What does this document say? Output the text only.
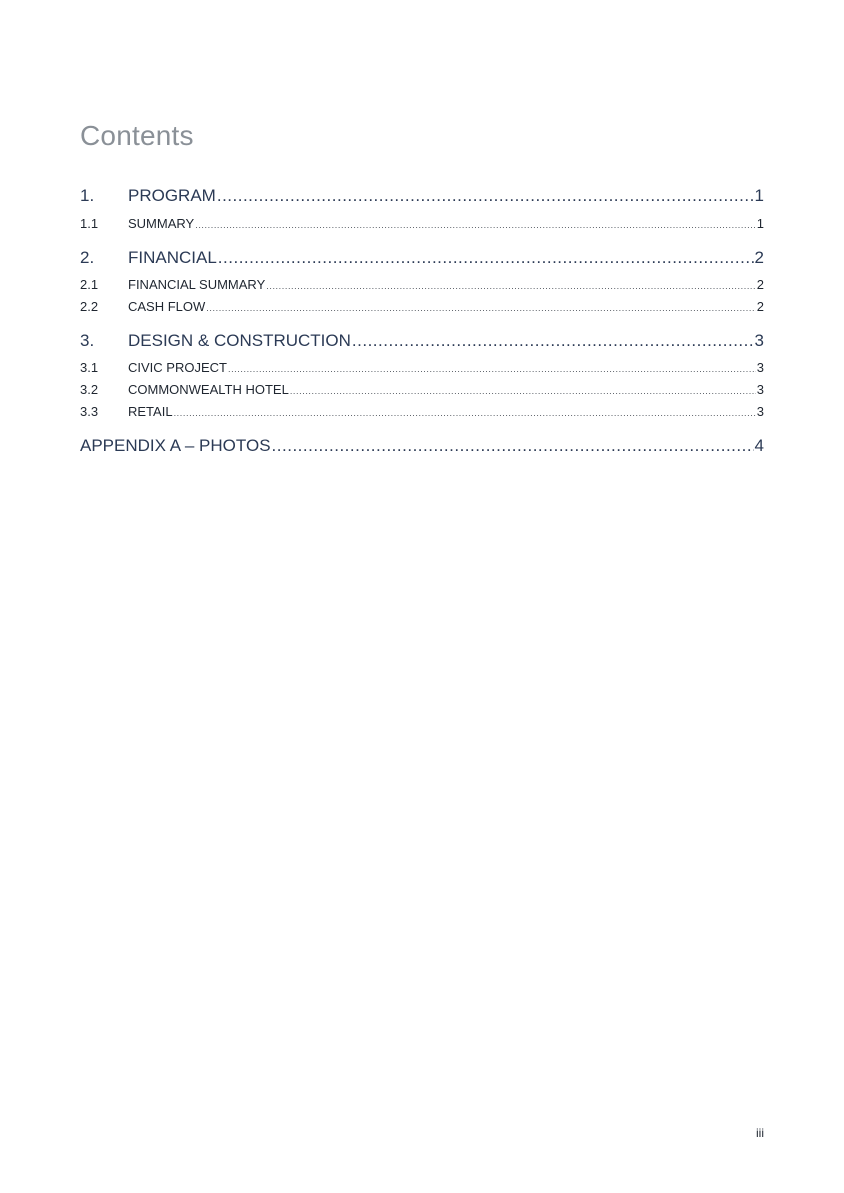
Contents
1.	PROGRAM .....	1
1.1	SUMMARY .....	1
2.	FINANCIAL .....	2
2.1	FINANCIAL SUMMARY .....	2
2.2	CASH FLOW .....	2
3.	DESIGN & CONSTRUCTION .....	3
3.1	CIVIC PROJECT .....	3
3.2	COMMONWEALTH HOTEL .....	3
3.3	RETAIL .....	3
APPENDIX A – PHOTOS .....	4
iii
